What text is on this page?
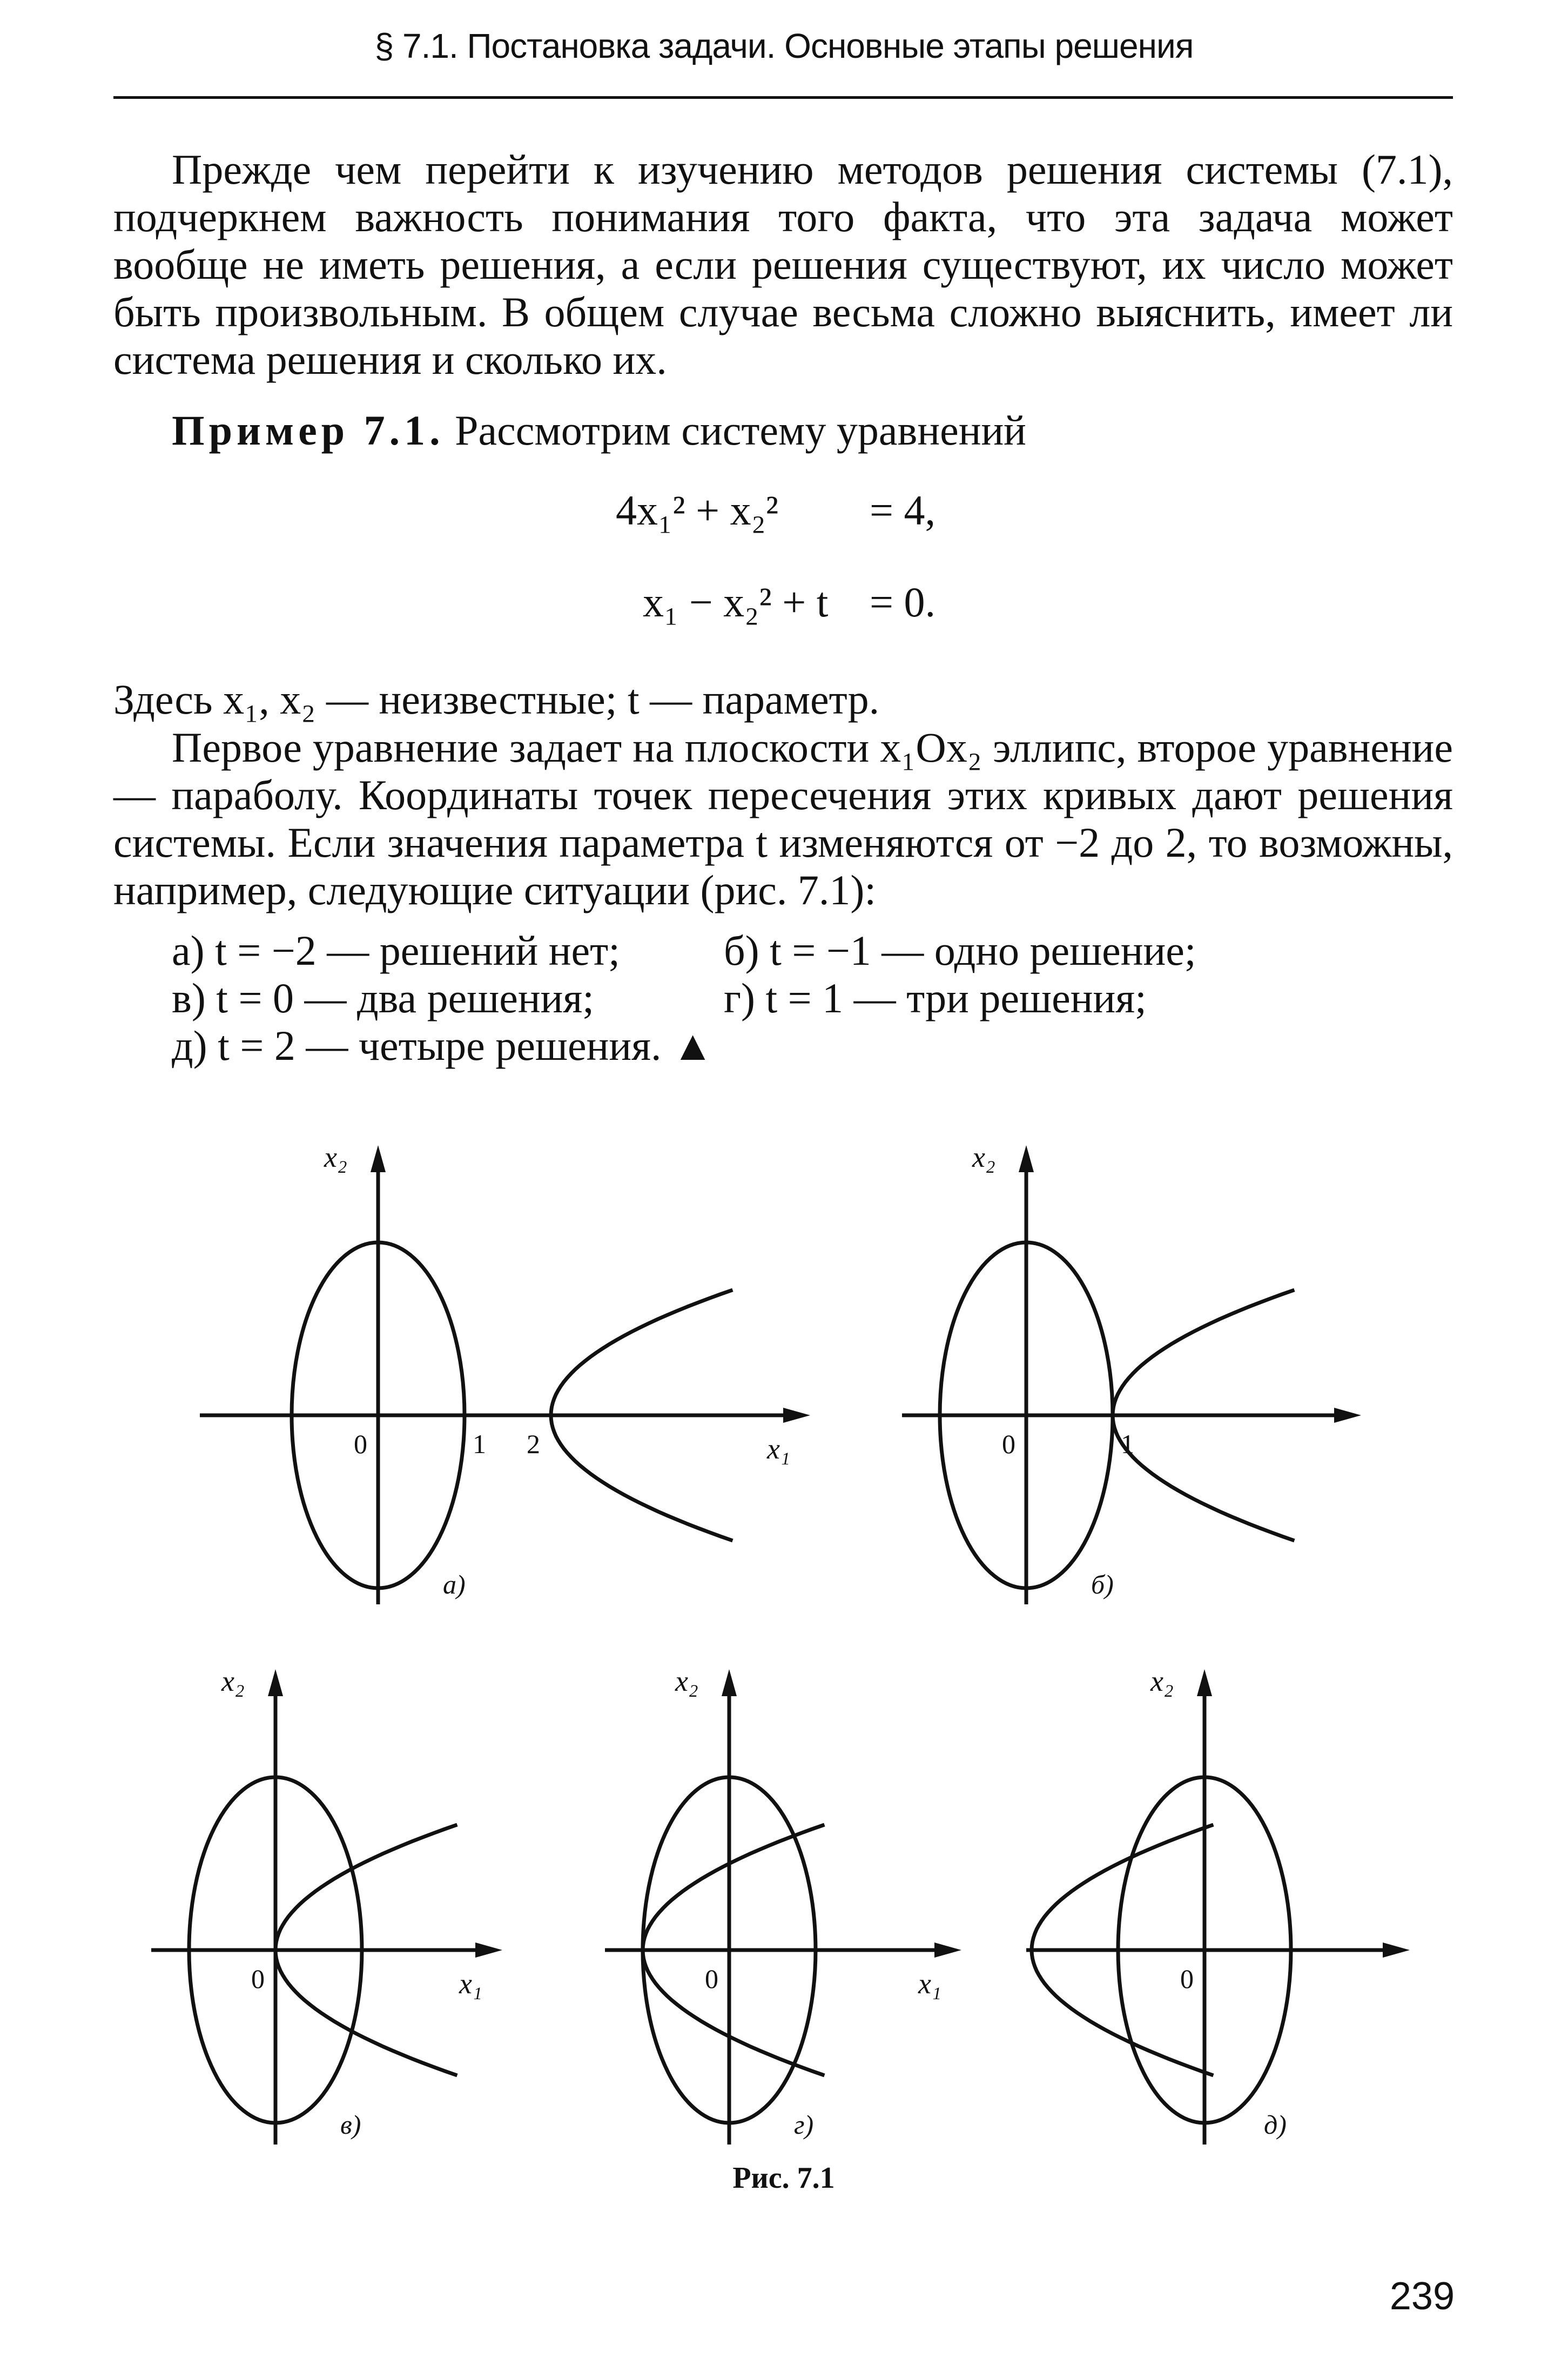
§ 7.1. Постановка задачи. Основные этапы решения

Прежде чем перейти к изучению методов решения системы (7.1), подчеркнем важность понимания того факта, что эта задача может вообще не иметь решения, а если решения существуют, их число может быть произвольным. В общем случае весьма сложно выяснить, имеет ли система решения и сколько их.

Пример 7.1. Рассмотрим систему уравнений
4x₁² + x₂² = 4,
x₁ − x₂² + t = 0.
Здесь x₁, x₂ — неизвестные; t — параметр.

Первое уравнение задает на плоскости x₁Ox₂ эллипс, второе уравнение — параболу. Координаты точек пересечения этих кривых дают решения системы. Если значения параметра t изменяются от −2 до 2, то возможны, например, следующие ситуации (рис. 7.1):

а) t = −2 — решений нет; б) t = −1 — одно решение;
в) t = 0 — два решения;	г) t = 1 — три решения;
д) t = 2 — четыре решения. ▲
x₂
x₁
0	1 2
а)
x₂
0	1
б)
x₂
x₁
0
в)
x₂
x₁
0
г)
x₂
0
д)
Рис. 7.1
239
